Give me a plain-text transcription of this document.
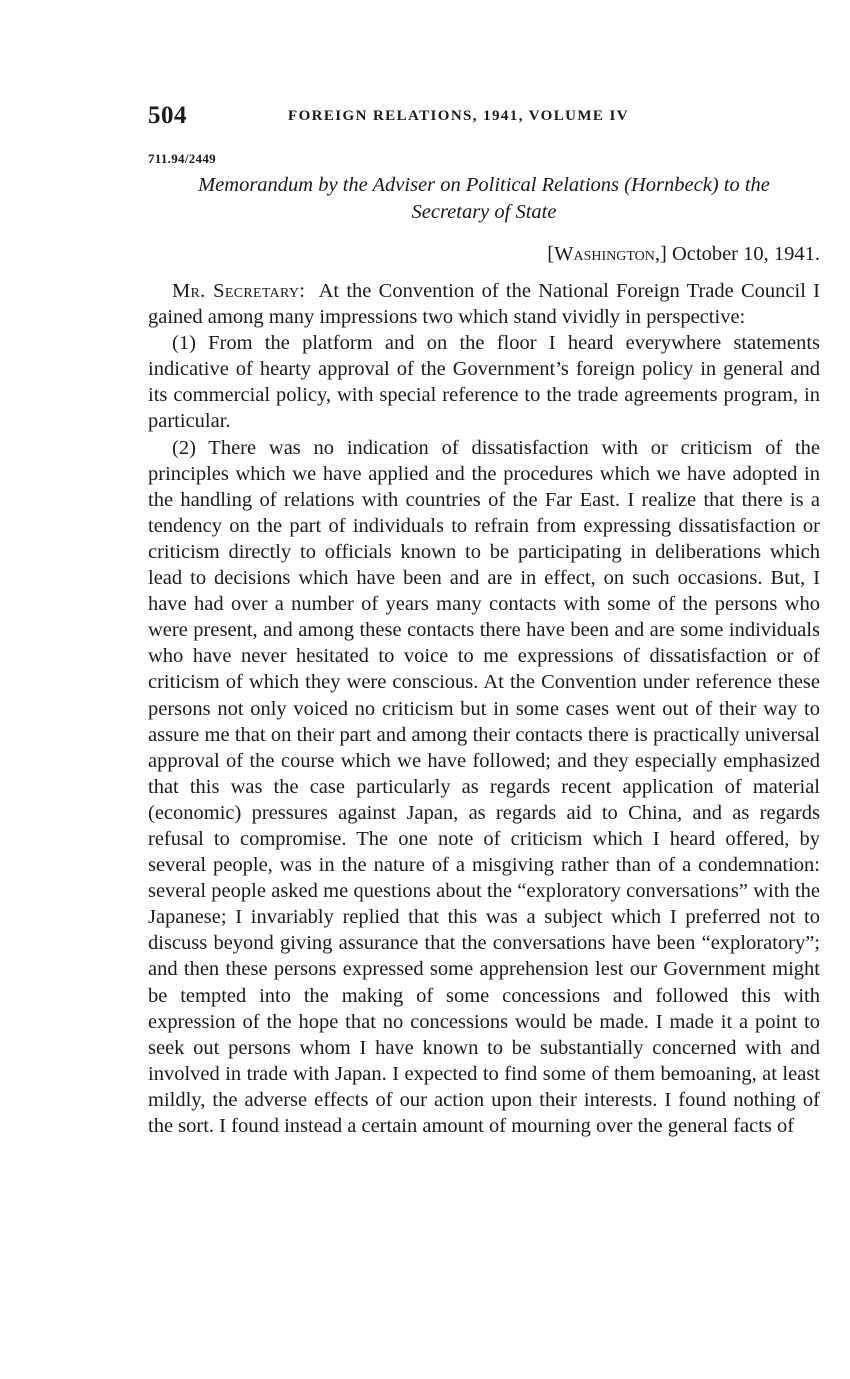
504	FOREIGN RELATIONS, 1941, VOLUME IV
711.94/2449
Memorandum by the Adviser on Political Relations (Hornbeck) to the
Secretary of State
[Washington,] October 10, 1941.

Mr. Secretary: At the Convention of the National Foreign Trade Council I gained among many impressions two which stand vividly in perspective:

(1) From the platform and on the floor I heard everywhere statements indicative of hearty approval of the Government’s foreign policy in general and its commercial policy, with special reference to the trade agreements program, in particular.

(2) There was no indication of dissatisfaction with or criticism of the principles which we have applied and the procedures which we have adopted in the handling of relations with countries of the Far East. I realize that there is a tendency on the part of individuals to refrain from expressing dissatisfaction or criticism directly to officials known to be participating in deliberations which lead to decisions which have been and are in effect, on such occasions. But, I have had over a number of years many contacts with some of the persons who were present, and among these contacts there have been and are some individuals who have never hesitated to voice to me expressions of dissatisfaction or of criticism of which they were conscious. At the Convention under reference these persons not only voiced no criticism but in some cases went out of their way to assure me that on their part and among their contacts there is practically universal approval of the course which we have followed; and they especially emphasized that this was the case particularly as regards recent application of material (economic) pressures against Japan, as regards aid to China, and as regards refusal to compromise. The one note of criticism which I heard offered, by several people, was in the nature of a misgiving rather than of a condemnation: several people asked me questions about the “exploratory conversations” with the Japanese; I invariably replied that this was a subject which I preferred not to discuss beyond giving assurance that the conversations have been “exploratory”; and then these persons expressed some apprehension lest our Government might be tempted into the making of some concessions and followed this with expression of the hope that no concessions would be made. I made it a point to seek out persons whom I have known to be substantially concerned with and involved in trade with Japan. I expected to find some of them bemoaning, at least mildly, the adverse effects of our action upon their interests. I found nothing of the sort. I found instead a certain amount of mourning over the general facts of
